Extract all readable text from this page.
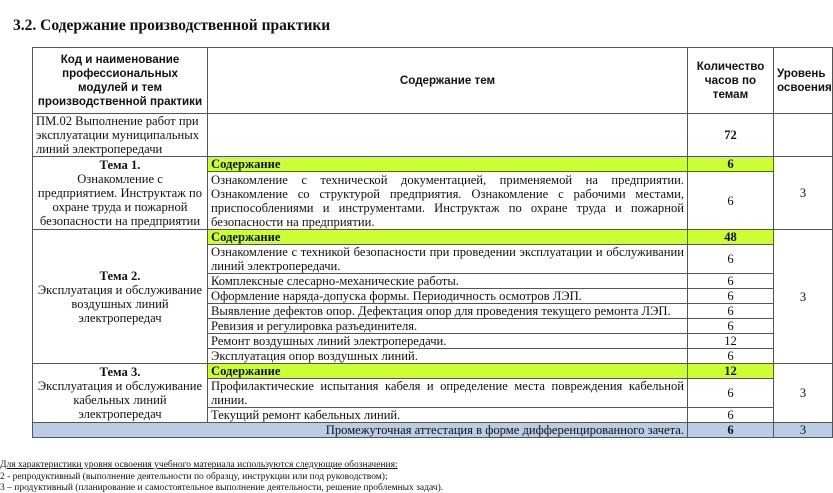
3.2. Содержание производственной практики
Код и наименование профессиональных модулей и тем производственной практики	Содержание тем	Количество часов по темам	Уровень освоения
ПМ.02 Выполнение работ при эксплуатации муниципальных линий электропередачи		72	
Тема 1.
Ознакомление с предприятием. Инструктаж по охране труда и пожарной безопасности на предприятии	Содержание	6	3
	Ознакомление с технической документацией, применяемой на предприятии. Ознакомление со структурой предприятия. Ознакомление с рабочими местами, приспособлениями и инструментами. Инструктаж по охране труда и пожарной безопасности на предприятии.	6	
Тема 2.
Эксплуатация и обслуживание воздушных линий электропередач	Содержание	48	3
	Ознакомление с техникой безопасности при проведении эксплуатации и обслуживании линий электропередачи.	6	
	Комплексные слесарно-механические работы.	6	
	Оформление наряда-допуска формы. Периодичность осмотров ЛЭП.	6	
	Выявление дефектов опор. Дефектация опор для проведения текущего ремонта ЛЭП.	6	
	Ревизия и регулировка разъединителя.	6	
	Ремонт воздушных линий электропередачи.	12	
	Эксплуатация опор воздушных линий.	6	
Тема 3.
Эксплуатация и обслуживание кабельных линий электропередач	Содержание	12	3
	Профилактические испытания кабеля и определение места повреждения кабельной линии.	6	
	Текущий ремонт кабельных линий.	6	
Промежуточная аттестация в форме дифференцированного зачета.		6	3
Для характеристики уровня освоения учебного материала используются следующие обозначения:
2 - репродуктивный (выполнение деятельности по образцу, инструкции или под руководством);
3 – продуктивный (планирование и самостоятельное выполнение деятельности, решение проблемных задач).
